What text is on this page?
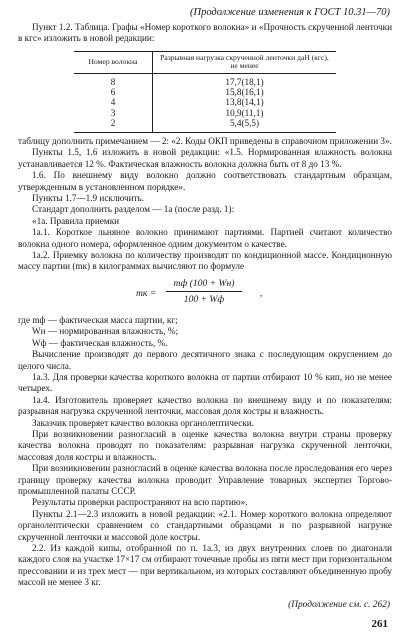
(Продолжение изменения к ГОСТ 10.31—70)

Пункт 1.2. Таблица. Графы «Номер короткого волокна» и «Прочность скрученной ленточки в кгс» изложить в новой редакции:

Номер волокна	Разрывная нагрузка скрученной ленточки даН (кгс), не менее
8	17,7(18,1)
6	15,8(16,1)
4	13,8(14,1)
3	10,9(11,1)
2	5,4(5,5)

таблицу дополнить примечанием — 2: «2. Коды ОКП приведены в справочном приложении 3».

Пункты 1.5, 1.6 изложить в новой редакции: «1.5. Нормированная влажность волокна устанавливается 12 %. Фактическая влажность волокна должна быть от 8 до 13 %.

1.6. По внешнему виду волокно должно соответствовать стандартным образцам, утвержденным в установленном порядке».

Пункты 1.7—1.9 исключить.

Стандарт дополнить разделом — 1а (после разд. 1):

«1а. Правила приемки

1а.1. Короткое льняное волокно принимают партиями. Партией считают количество волокна одного номера, оформленное одним документом о качестве.

1а.2. Приемку волокна по количеству производят по кондиционной массе. Кондиционную массу партии (mк) в килограммах вычисляют по формуле

mк =
mф (100 + Wн)
100 + Wф
,

где mф — фактическая масса партии, кг;

Wн — нормированная влажность, %;

Wф — фактическая влажность, %.

Вычисление производят до первого десятичного знака с последующим округлением до целого числа.

1а.3. Для проверки качества короткого волокна от партии отбирают 10 % кип, но не менее четырех.

1а.4. Изготовитель проверяет качество волокна по внешнему виду и по показателям: разрывная нагрузка скрученной ленточки, массовая доля костры и влажность.

Заказчик проверяет качество волокна органолептически.

При возникновении разногласий в оценке качества волокна внутри страны проверку качества волокна проводят по показателям: разрывная нагрузка скрученной ленточки, массовая доля костры и влажность.

При возникновении разногласий в оценке качества волокна после проследования его через границу проверку качества волокна проводит Управление товарных экспертиз Торгово-промышленной палаты СССР.

Результаты проверки распространяют на всю партию».

Пункты 2.1—2.3 изложить в новой редакции: «2.1. Номер короткого волокна определяют органолептически сравнением со стандартными образцами и по разрывной нагрузке скрученной ленточки и массовой доле костры.

2.2. Из каждой кипы, отобранной по п. 1а.3, из двух внутренних слоев по диагонали каждого слоя на участке 17×17 см отбирают точечные пробы из пяти мест при горизонтальном прессовании и из трех мест — при вертикальном, из которых составляют объединенную пробу массой не менее 3 кг.

(Продолжение см. с. 262)
261
